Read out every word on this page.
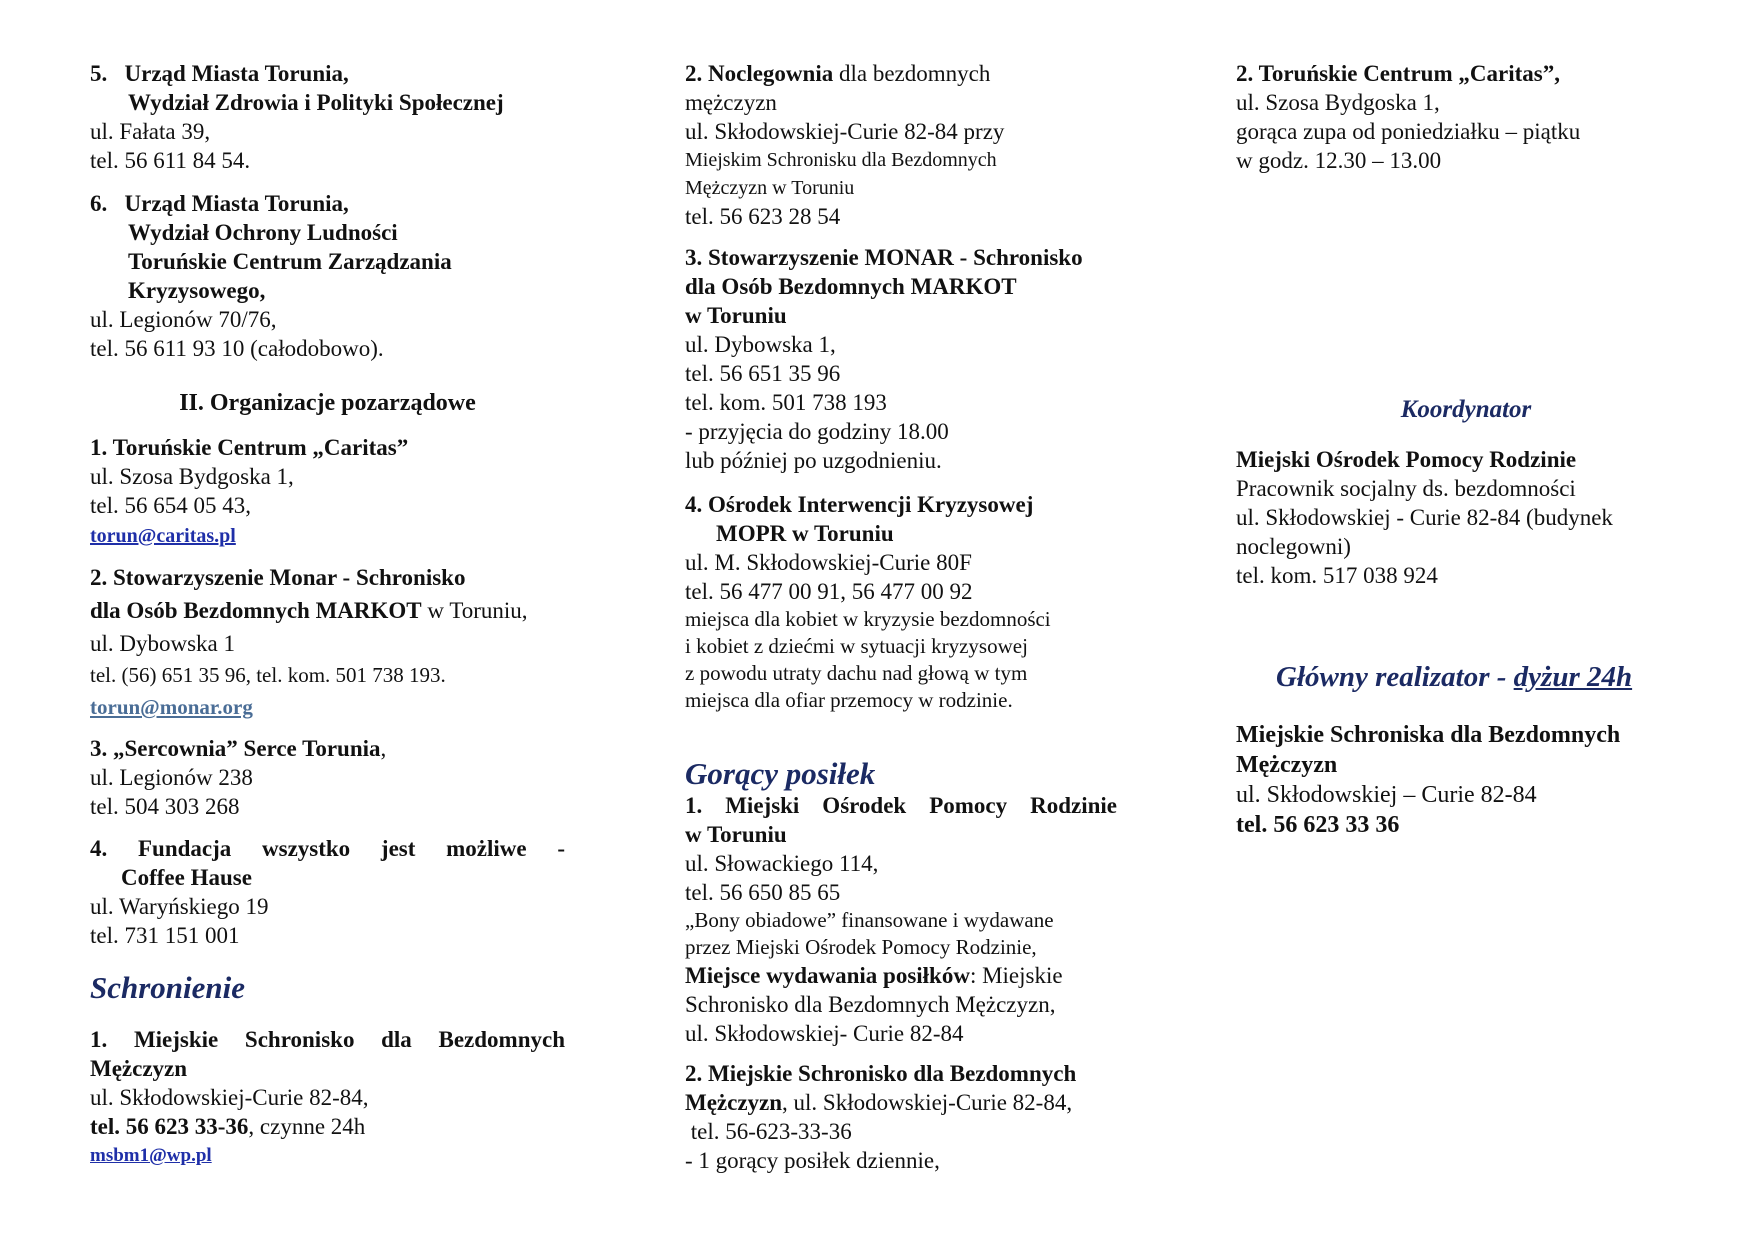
5. Urząd Miasta Torunia,
Wydział Zdrowia i Polityki Społecznej
ul. Fałata 39,
tel. 56 611 84 54.
6. Urząd Miasta Torunia,
Wydział Ochrony Ludności
Toruńskie Centrum Zarządzania
Kryzysowego,
ul. Legionów 70/76,
tel. 56 611 93 10 (całodobowo).
II. Organizacje pozarządowe
1. Toruńskie Centrum „Caritas”
ul. Szosa Bydgoska 1,
tel. 56 654 05 43,
torun@caritas.pl
2. Stowarzyszenie Monar - Schronisko
dla Osób Bezdomnych MARKOT w Toruniu,
ul. Dybowska 1
tel. (56) 651 35 96, tel. kom. 501 738 193.
torun@monar.org
3. „Sercownia” Serce Torunia,
ul. Legionów 238
tel. 504 303 268
4. Fundacja wszystko jest możliwe -
Coffee Hause
ul. Waryńskiego 19
tel. 731 151 001
Schronienie
1. Miejskie Schronisko dla Bezdomnych
Mężczyzn
ul. Skłodowskiej-Curie 82-84,
tel. 56 623 33-36, czynne 24h
msbm1@wp.pl
2. Noclegownia dla bezdomnych
mężczyzn
ul. Skłodowskiej-Curie 82-84 przy
Miejskim Schronisku dla Bezdomnych
Mężczyzn w Toruniu
tel. 56 623 28 54
3. Stowarzyszenie MONAR - Schronisko
dla Osób Bezdomnych MARKOT
w Toruniu
ul. Dybowska 1,
tel. 56 651 35 96
tel. kom. 501 738 193
- przyjęcia do godziny 18.00
lub później po uzgodnieniu.
4. Ośrodek Interwencji Kryzysowej
MOPR w Toruniu
ul. M. Skłodowskiej-Curie 80F
tel. 56 477 00 91, 56 477 00 92
miejsca dla kobiet w kryzysie bezdomności
i kobiet z dziećmi w sytuacji kryzysowej
z powodu utraty dachu nad głową w tym
miejsca dla ofiar przemocy w rodzinie.
Gorący posiłek
1. Miejski Ośrodek Pomocy Rodzinie
w Toruniu
ul. Słowackiego 114,
tel. 56 650 85 65
„Bony obiadowe” finansowane i wydawane
przez Miejski Ośrodek Pomocy Rodzinie,
Miejsce wydawania posiłków: Miejskie
Schronisko dla Bezdomnych Mężczyzn,
ul. Skłodowskiej- Curie 82-84
2. Miejskie Schronisko dla Bezdomnych
Mężczyzn, ul. Skłodowskiej-Curie 82-84,
tel. 56-623-33-36
- 1 gorący posiłek dziennie,
2. Toruńskie Centrum „Caritas”,
ul. Szosa Bydgoska 1,
gorąca zupa od poniedziałku – piątku
w godz. 12.30 – 13.00
Koordynator
Miejski Ośrodek Pomocy Rodzinie
Pracownik socjalny ds. bezdomności
ul. Skłodowskiej - Curie 82-84 (budynek
noclegowni)
tel. kom. 517 038 924
Główny realizator - dyżur 24h
Miejskie Schroniska dla Bezdomnych
Mężczyzn
ul. Skłodowskiej – Curie 82-84
tel. 56 623 33 36
